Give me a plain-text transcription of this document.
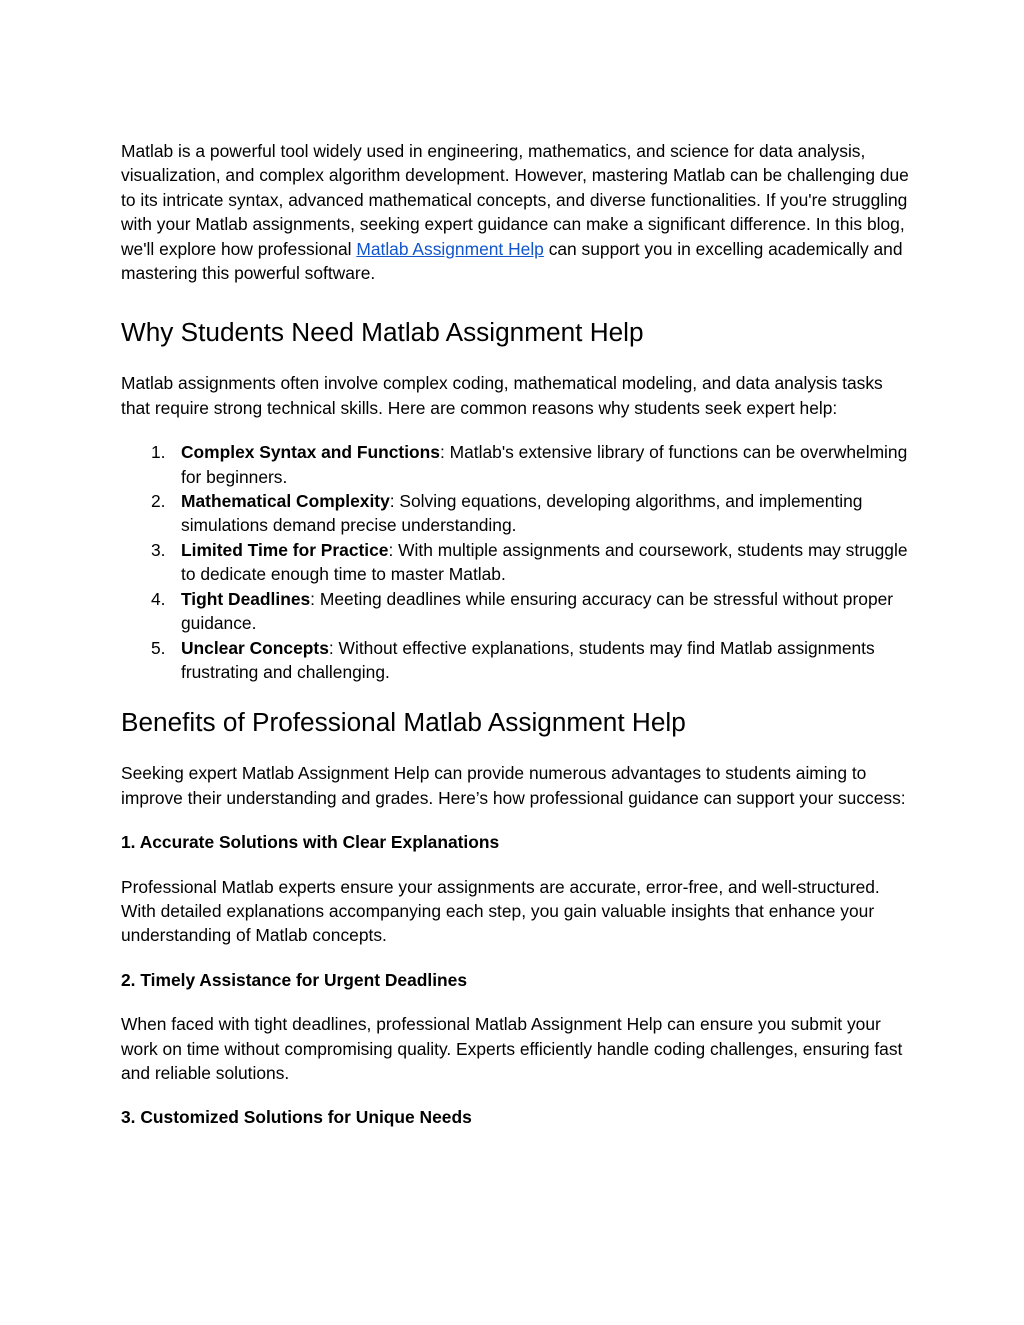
Matlab is a powerful tool widely used in engineering, mathematics, and science for data analysis, visualization, and complex algorithm development. However, mastering Matlab can be challenging due to its intricate syntax, advanced mathematical concepts, and diverse functionalities. If you're struggling with your Matlab assignments, seeking expert guidance can make a significant difference. In this blog, we'll explore how professional Matlab Assignment Help can support you in excelling academically and mastering this powerful software.

Why Students Need Matlab Assignment Help

Matlab assignments often involve complex coding, mathematical modeling, and data analysis tasks that require strong technical skills. Here are common reasons why students seek expert help:

1. Complex Syntax and Functions: Matlab's extensive library of functions can be overwhelming for beginners.
2. Mathematical Complexity: Solving equations, developing algorithms, and implementing simulations demand precise understanding.
3. Limited Time for Practice: With multiple assignments and coursework, students may struggle to dedicate enough time to master Matlab.
4. Tight Deadlines: Meeting deadlines while ensuring accuracy can be stressful without proper guidance.
5. Unclear Concepts: Without effective explanations, students may find Matlab assignments frustrating and challenging.
Benefits of Professional Matlab Assignment Help

Seeking expert Matlab Assignment Help can provide numerous advantages to students aiming to improve their understanding and grades. Here’s how professional guidance can support your success:

1. Accurate Solutions with Clear Explanations

Professional Matlab experts ensure your assignments are accurate, error-free, and well-structured. With detailed explanations accompanying each step, you gain valuable insights that enhance your understanding of Matlab concepts.

2. Timely Assistance for Urgent Deadlines

When faced with tight deadlines, professional Matlab Assignment Help can ensure you submit your work on time without compromising quality. Experts efficiently handle coding challenges, ensuring fast and reliable solutions.

3. Customized Solutions for Unique Needs
